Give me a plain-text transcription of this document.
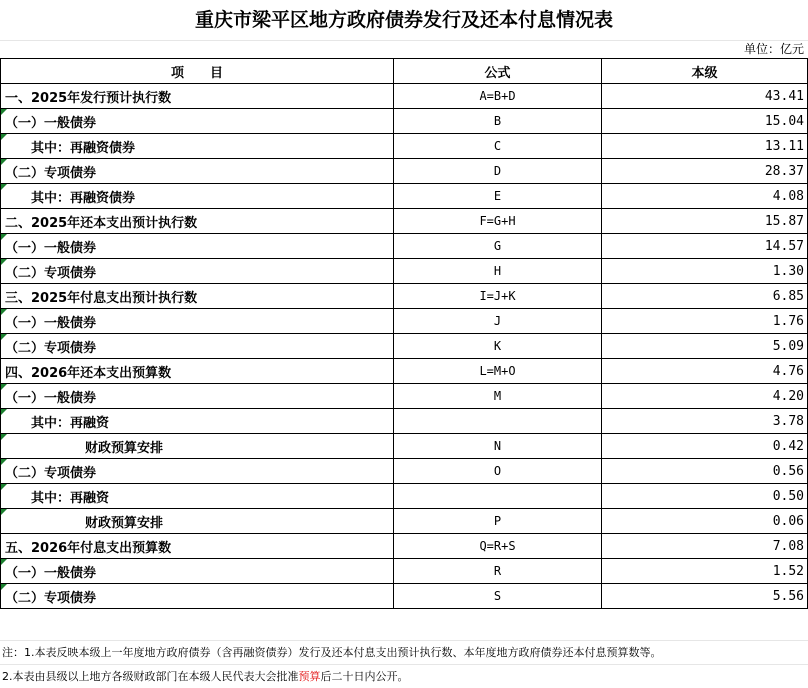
重庆市梁平区地方政府债券发行及还本付息情况表
单位：亿元
项　　目	公式	本级
一、2025年发行预计执行数	A=B+D	43.41

（一）一般债券	B	15.04

其中：再融资债券	C	13.11

（二）专项债券	D	28.37

其中：再融资债券	E	4.08
二、2025年还本支出预计执行数	F=G+H	15.87

（一）一般债券	G	14.57

（二）专项债券	H	1.30
三、2025年付息支出预计执行数	I=J+K	6.85

（一）一般债券	J	1.76

（二）专项债券	K	5.09
四、2026年还本支出预算数	L=M+O	4.76

（一）一般债券	M	4.20

其中：再融资		3.78

财政预算安排	N	0.42

（二）专项债券	O	0.56

其中：再融资		0.50

财政预算安排	P	0.06
五、2026年付息支出预算数	Q=R+S	7.08

（一）一般债券	R	1.52

（二）专项债券	S	5.56
注：1.本表反映本级上一年度地方政府债券（含再融资债券）发行及还本付息支出预计执行数、本年度地方政府债券还本付息预算数等。
2.本表由县级以上地方各级财政部门在本级人民代表大会批准预算后二十日内公开。
